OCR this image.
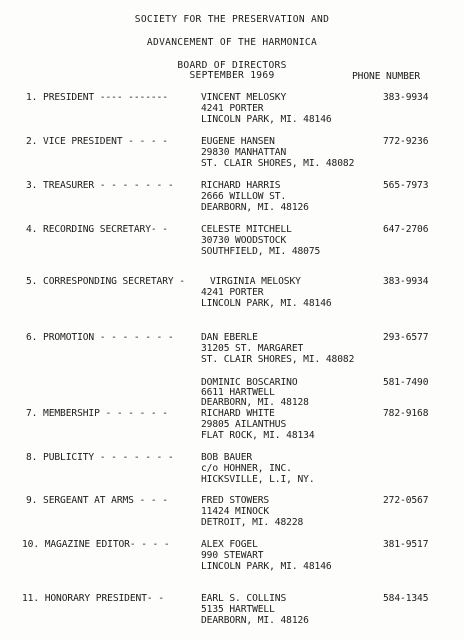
SOCIETY FOR THE PRESERVATION AND
ADVANCEMENT OF THE HARMONICA
BOARD OF DIRECTORS
SEPTEMBER 1969	PHONE NUMBER
1. PRESIDENT ---- -------	VINCENT MELOSKY
4241 PORTER
LINCOLN PARK, MI. 48146
383-9934
2. VICE PRESIDENT - - - -	EUGENE HANSEN
29830 MANHATTAN
ST. CLAIR SHORES, MI. 48082
772-9236
3. TREASURER - - - - - - -	RICHARD HARRIS
2666 WILLOW ST.
DEARBORN, MI. 48126
565-7973
4. RECORDING SECRETARY- -	CELESTE MITCHELL
30730 WOODSTOCK
SOUTHFIELD, MI. 48075
647-2706
5. CORRESPONDING SECRETARY -	VIRGINIA MELOSKY
4241 PORTER
LINCOLN PARK, MI. 48146
383-9934
6. PROMOTION - - - - - - -	DAN EBERLE
31205 ST. MARGARET
ST. CLAIR SHORES, MI. 48082
293-6577
DOMINIC BOSCARINO
6611 HARTWELL
DEARBORN, MI. 48128
581-7490
7. MEMBERSHIP - - - - - -	RICHARD WHITE
29805 AILANTHUS
FLAT ROCK, MI. 48134
782-9168
8. PUBLICITY - - - - - - -	BOB BAUER
c/o HOHNER, INC.
HICKSVILLE, L.I, NY.
9. SERGEANT AT ARMS - - -	FRED STOWERS
11424 MINOCK
DETROIT, MI. 48228
272-0567
10. MAGAZINE EDITOR- - - -	ALEX FOGEL
990 STEWART
LINCOLN PARK, MI. 48146
381-9517
11. HONORARY PRESIDENT- -	EARL S. COLLINS
5135 HARTWELL
DEARBORN, MI. 48126
584-1345
